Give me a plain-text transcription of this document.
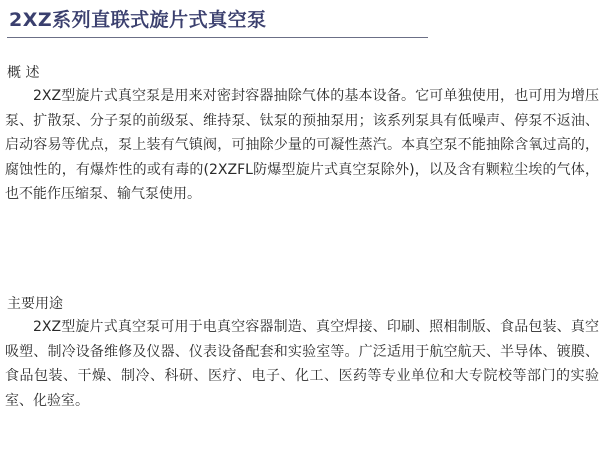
2XZ系列直联式旋片式真空泵
概 述
2XZ型旋片式真空泵是用来对密封容器抽除气体的基本设备。它可单独使用，也可用为增压泵、扩散泵、分子泵的前级泵、维持泵、钛泵的预抽泵用；该系列泵具有低噪声、停泵不返油、启动容易等优点，泵上装有气镇阀，可抽除少量的可凝性蒸汽。本真空泵不能抽除含氧过高的，腐蚀性的，有爆炸性的或有毒的(2XZFL防爆型旋片式真空泵除外)，以及含有颗粒尘埃的气体，也不能作压缩泵、输气泵使用。
主要用途
2XZ型旋片式真空泵可用于电真空容器制造、真空焊接、印刷、照相制版、食品包装、真空吸塑、制冷设备维修及仪器、仪表设备配套和实验室等。广泛适用于航空航天、半导体、镀膜、食品包装、干燥、制冷、科研、医疗、电子、化工、医药等专业单位和大专院校等部门的实验室、化验室。
